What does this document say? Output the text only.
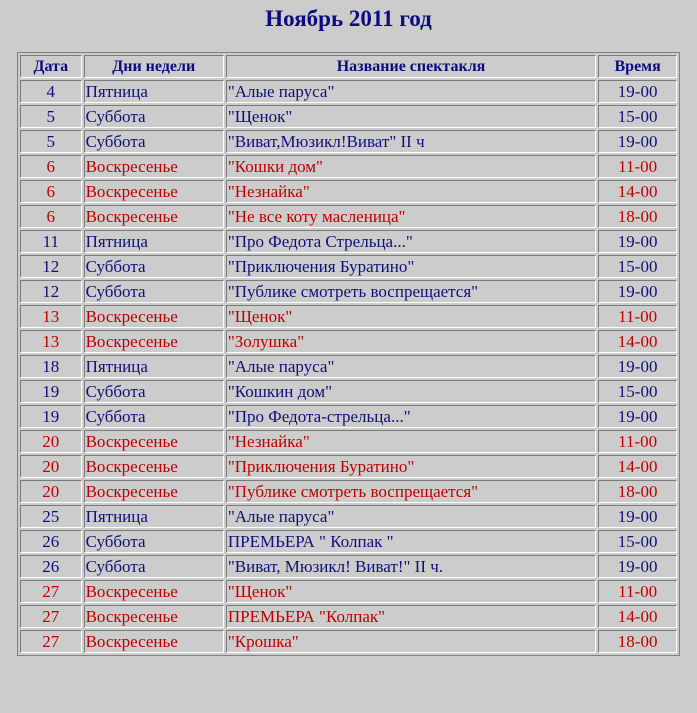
Ноябрь 2011 год
Дата	Дни недели	Название спектакля	Время
4	Пятница	"Алые паруса"	19-00
5	Суббота	"Щенок"	15-00
5	Суббота	"Виват,Мюзикл!Виват" II ч	19-00
6	Воскресенье	"Кошки дом"	11-00
6	Воскресенье	"Незнайка"	14-00
6	Воскресенье	"Не все коту масленица"	18-00
11	Пятница	"Про Федота Стрельца..."	19-00
12	Суббота	"Приключения Буратино"	15-00
12	Суббота	"Публике смотреть воспрещается"	19-00
13	Воскресенье	"Щенок"	11-00
13	Воскресенье	"Золушка"	14-00
18	Пятница	"Алые паруса"	19-00
19	Суббота	"Кошкин дом"	15-00
19	Суббота	"Про Федота-стрельца..."	19-00
20	Воскресенье	"Незнайка"	11-00
20	Воскресенье	"Приключения Буратино"	14-00
20	Воскресенье	"Публике смотреть воспрещается"	18-00
25	Пятница	"Алые паруса"	19-00
26	Суббота	ПРЕМЬЕРА " Колпак "	15-00
26	Суббота	"Виват, Мюзикл! Виват!" II ч.	19-00
27	Воскресенье	"Щенок"	11-00
27	Воскресенье	ПРЕМЬЕРА "Колпак"	14-00
27	Воскресенье	"Крошка"	18-00
